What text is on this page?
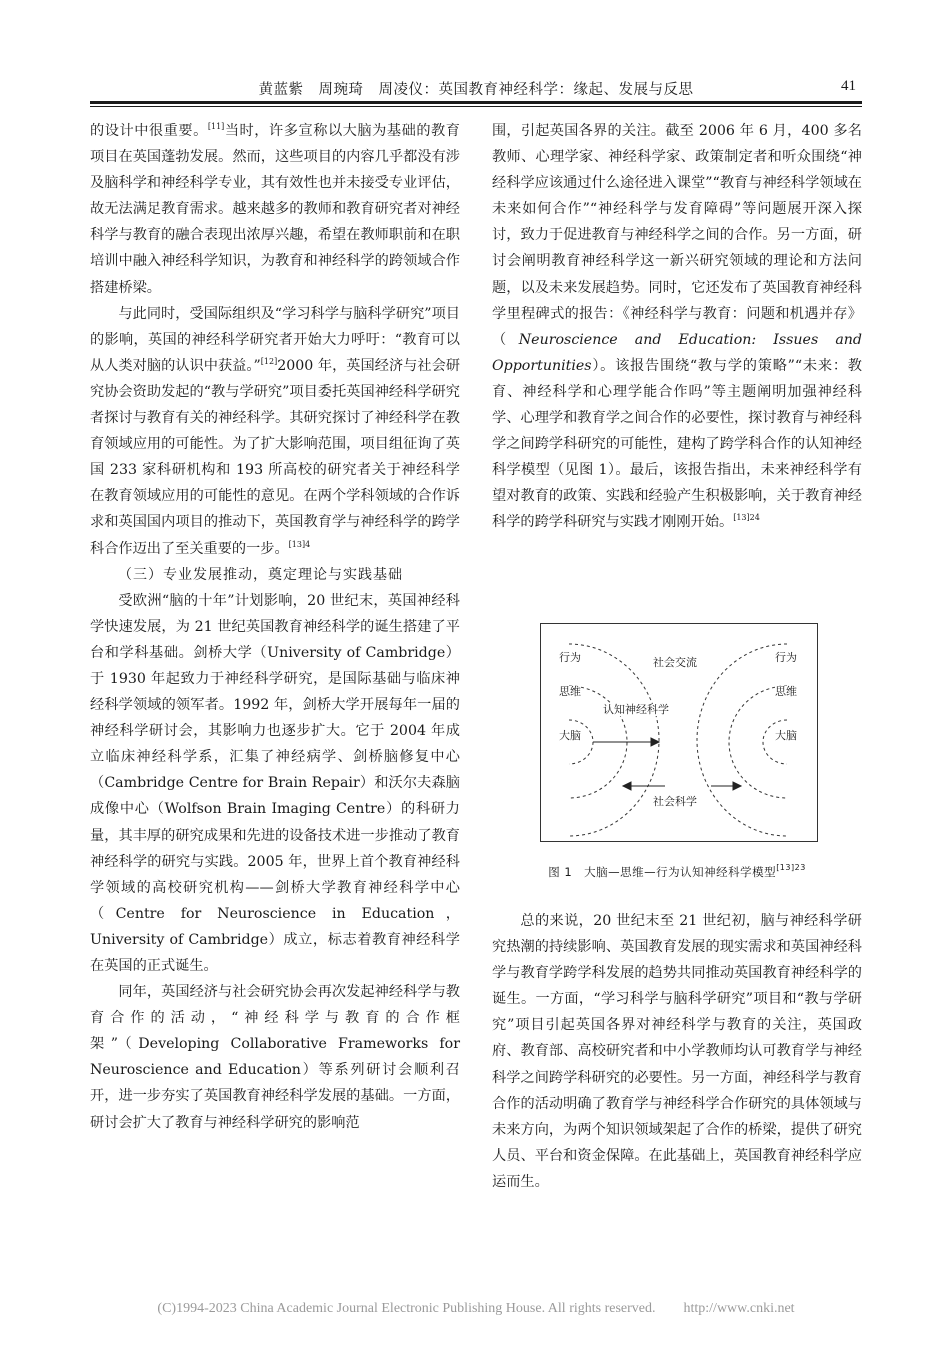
黄蓝紫　周琬琦　周凌仪：英国教育神经科学：缘起、发展与反思	41

的设计中很重要。[11]当时，许多宣称以大脑为基础的教育项目在英国蓬勃发展。然而，这些项目的内容几乎都没有涉及脑科学和神经科学专业，其有效性也并未接受专业评估，故无法满足教育需求。越来越多的教师和教育研究者对神经科学与教育的融合表现出浓厚兴趣，希望在教师职前和在职培训中融入神经科学知识，为教育和神经科学的跨领域合作搭建桥梁。

与此同时，受国际组织及“学习科学与脑科学研究”项目的影响，英国的神经科学研究者开始大力呼吁：“教育可以从人类对脑的认识中获益。”[12]2000 年，英国经济与社会研究协会资助发起的“教与学研究”项目委托英国神经科学研究者探讨与教育有关的神经科学。其研究探讨了神经科学在教育领域应用的可能性。为了扩大影响范围，项目组征询了英国 233 家科研机构和 193 所高校的研究者关于神经科学在教育领域应用的可能性的意见。在两个学科领域的合作诉求和英国国内项目的推动下，英国教育学与神经科学的跨学科合作迈出了至关重要的一步。$^{[13]4}$

（三）专业发展推动，奠定理论与实践基础

受欧洲“脑的十年”计划影响，20 世纪末，英国神经科学快速发展，为 21 世纪英国教育神经科学的诞生搭建了平台和学科基础。剑桥大学（University of Cambridge）于 1930 年起致力于神经科学研究，是国际基础与临床神经科学领域的领军者。1992 年，剑桥大学开展每年一届的神经科学研讨会，其影响力也逐步扩大。它于 2004 年成立临床神经科学系，汇集了神经病学、剑桥脑修复中心（Cambridge Centre for Brain Repair）和沃尔夫森脑成像中心（Wolfson Brain Imaging Centre）的科研力量，其丰厚的研究成果和先进的设备技术进一步推动了教育神经科学的研究与实践。2005 年，世界上首个教育神经科学领域的高校研究机构——剑桥大学教育神经科学中心（Centre for Neuroscience in Education，University of Cambridge）成立，标志着教育神经科学在英国的正式诞生。

同年，英国经济与社会研究协会再次发起神经科学与教育合作的活动，“神经科学与教育的合作框架”（Developing Collaborative Frameworks for Neuroscience and Education）等系列研讨会顺利召开，进一步夯实了英国教育神经科学发展的基础。一方面，研讨会扩大了教育与神经科学研究的影响范

围，引起英国各界的关注。截至 2006 年 6 月，400 多名教师、心理学家、神经科学家、政策制定者和听众围绕“神经科学应该通过什么途径进入课堂”“教育与神经科学领域在未来如何合作”“神经科学与发育障碍”等问题展开深入探讨，致力于促进教育与神经科学之间的合作。另一方面，研讨会阐明教育神经科学这一新兴研究领域的理论和方法问题，以及未来发展趋势。同时，它还发布了英国教育神经科学里程碑式的报告：《神经科学与教育：问题和机遇并存》（Neuroscience and Education: Issues and Opportunities）。该报告围绕“教与学的策略”“未来：教育、神经科学和心理学能合作吗”等主题阐明加强神经科学、心理学和教育学之间合作的必要性，探讨教育与神经科学之间跨学科研究的可能性，建构了跨学科合作的认知神经科学模型（见图 1）。最后，该报告指出，未来神经科学有望对教育的政策、实践和经验产生积极影响，关于教育神经科学的跨学科研究与实践才刚刚开始。$^{[13]24}$

行为
思维
大脑
认知神经科学
社会交流	行为
思维
大脑
社会科学
图 1　大脑—思维—行为认知神经科学模型$^{[13]23}$

总的来说，20 世纪末至 21 世纪初，脑与神经科学研究热潮的持续影响、英国教育发展的现实需求和英国神经科学与教育学跨学科发展的趋势共同推动英国教育神经科学的诞生。一方面，“学习科学与脑科学研究”项目和“教与学研究”项目引起英国各界对神经科学与教育的关注，英国政府、教育部、高校研究者和中小学教师均认可教育学与神经科学之间跨学科研究的必要性。另一方面，神经科学与教育合作的活动明确了教育学与神经科学合作研究的具体领域与未来方向，为两个知识领域架起了合作的桥梁，提供了研究人员、平台和资金保障。在此基础上，英国教育神经科学应运而生。

(C)1994-2023 China Academic Journal Electronic Publishing House. All rights reserved.　　http://www.cnki.net
